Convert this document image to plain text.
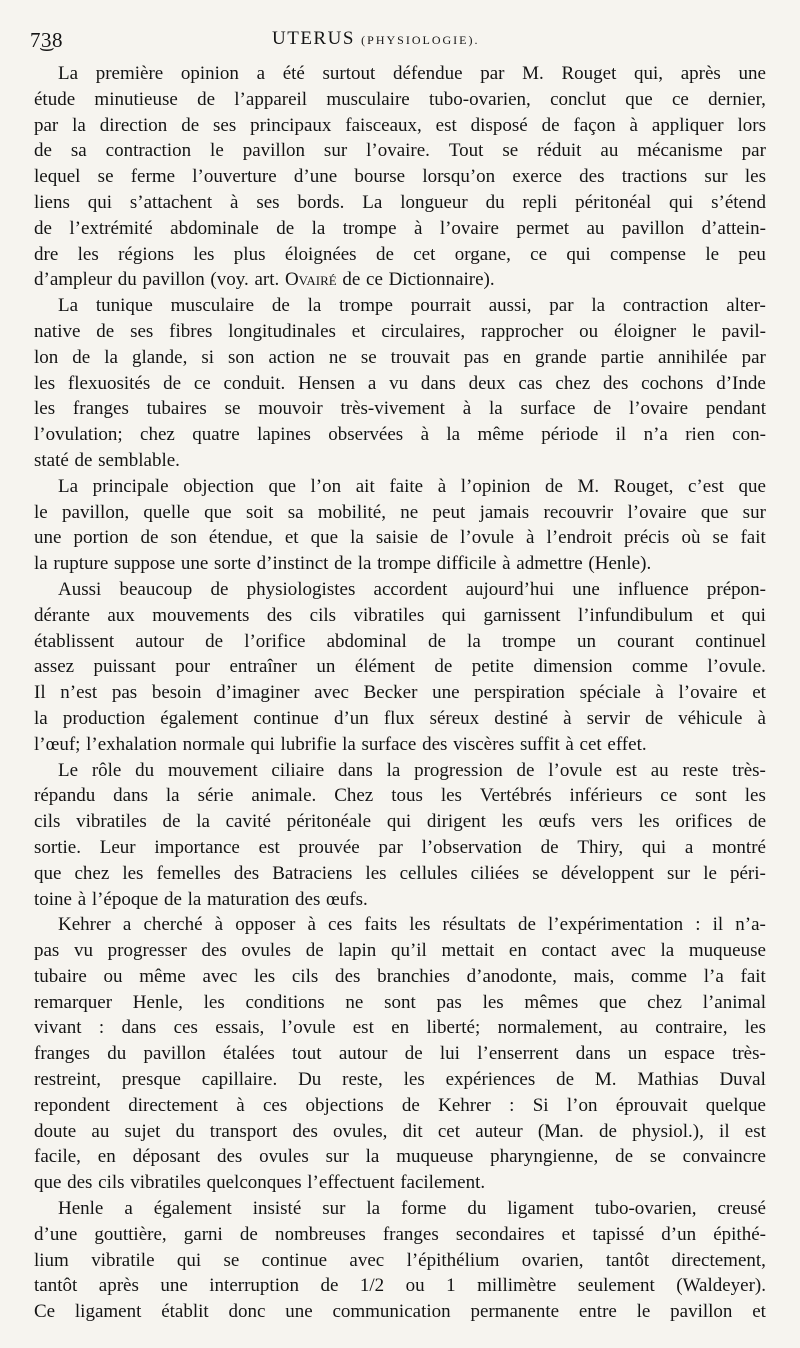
7͜38	UTERUS (PHYSIOLOGIE).
La première opinion a été surtout défendue par M. Rouget qui, après une
étude minutieuse de l’appareil musculaire tubo-ovarien, conclut que ce dernier,
par la direction de ses principaux faisceaux, est disposé de façon à appliquer lors
de sa contraction le pavillon sur l’ovaire. Tout se réduit au mécanisme par
lequel se ferme l’ouverture d’une bourse lorsqu’on exerce des tractions sur les
liens qui s’attachent à ses bords. La longueur du repli péritonéal qui s’étend
de l’extrémité abdominale de la trompe à l’ovaire permet au pavillon d’attein-
dre les régions les plus éloignées de cet organe, ce qui compense le peu
d’ampleur du pavillon (voy. art. Ovairé de ce Dictionnaire).
La tunique musculaire de la trompe pourrait aussi, par la contraction alter-
native de ses fibres longitudinales et circulaires, rapprocher ou éloigner le pavil-
lon de la glande, si son action ne se trouvait pas en grande partie annihilée par
les flexuosités de ce conduit. Hensen a vu dans deux cas chez des cochons d’Inde
les franges tubaires se mouvoir très-vivement à la surface de l’ovaire pendant
l’ovulation; chez quatre lapines observées à la même période il n’a rien con-
staté de semblable.
La principale objection que l’on ait faite à l’opinion de M. Rouget, c’est que
le pavillon, quelle que soit sa mobilité, ne peut jamais recouvrir l’ovaire que sur
une portion de son étendue, et que la saisie de l’ovule à l’endroit précis où se fait
la rupture suppose une sorte d’instinct de la trompe difficile à admettre (Henle).
Aussi beaucoup de physiologistes accordent aujourd’hui une influence prépon-
dérante aux mouvements des cils vibratiles qui garnissent l’infundibulum et qui
établissent autour de l’orifice abdominal de la trompe un courant continuel
assez puissant pour entraîner un élément de petite dimension comme l’ovule.
Il n’est pas besoin d’imaginer avec Becker une perspiration spéciale à l’ovaire et
la production également continue d’un flux séreux destiné à servir de véhicule à
l’œuf; l’exhalation normale qui lubrifie la surface des viscères suffit à cet effet.
Le rôle du mouvement ciliaire dans la progression de l’ovule est au reste très-
répandu dans la série animale. Chez tous les Vertébrés inférieurs ce sont les
cils vibratiles de la cavité péritonéale qui dirigent les œufs vers les orifices de
sortie. Leur importance est prouvée par l’observation de Thiry, qui a montré
que chez les femelles des Batraciens les cellules ciliées se développent sur le péri-
toine à l’époque de la maturation des œufs.
Kehrer a cherché à opposer à ces faits les résultats de l’expérimentation : il n’a-
pas vu progresser des ovules de lapin qu’il mettait en contact avec la muqueuse
tubaire ou même avec les cils des branchies d’anodonte, mais, comme l’a fait
remarquer Henle, les conditions ne sont pas les mêmes que chez l’animal
vivant : dans ces essais, l’ovule est en liberté; normalement, au contraire, les
franges du pavillon étalées tout autour de lui l’enserrent dans un espace très-
restreint, presque capillaire. Du reste, les expériences de M. Mathias Duval
repondent directement à ces objections de Kehrer : Si l’on éprouvait quelque
doute au sujet du transport des ovules, dit cet auteur (Man. de physiol.), il est
facile, en déposant des ovules sur la muqueuse pharyngienne, de se convaincre
que des cils vibratiles quelconques l’effectuent facilement.
Henle a également insisté sur la forme du ligament tubo-ovarien, creusé
d’une gouttière, garni de nombreuses franges secondaires et tapissé d’un épithé-
lium vibratile qui se continue avec l’épithélium ovarien, tantôt directement,
tantôt après une interruption de 1/2 ou 1 millimètre seulement (Waldeyer).
Ce ligament établit donc une communication permanente entre le pavillon et
